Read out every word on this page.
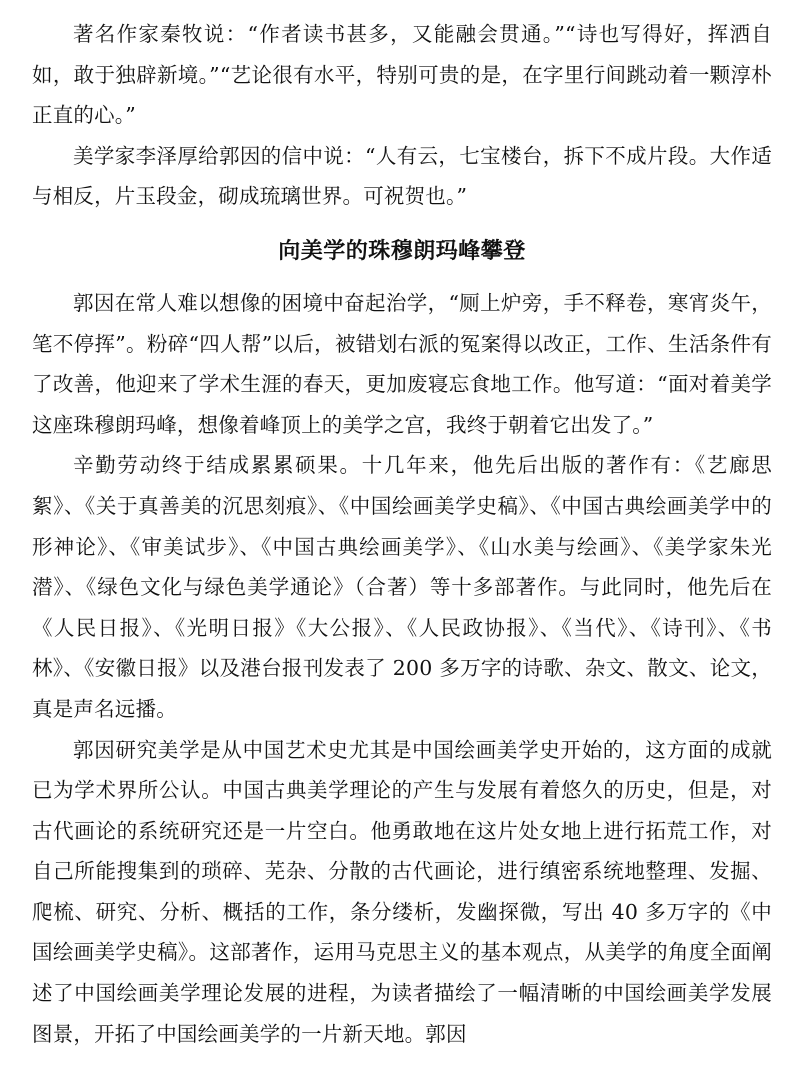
著名作家秦牧说：“作者读书甚多，又能融会贯通。”“诗也写得好，挥洒自如，敢于独辟新境。”“艺论很有水平，特别可贵的是，在字里行间跳动着一颗淳朴正直的心。”

美学家李泽厚给郭因的信中说：“人有云，七宝楼台，拆下不成片段。大作适与相反，片玉段金，砌成琉璃世界。可祝贺也。”

向美学的珠穆朗玛峰攀登

郭因在常人难以想像的困境中奋起治学，“厕上炉旁，手不释卷，寒宵炎午，笔不停挥”。粉碎“四人帮”以后，被错划右派的冤案得以改正，工作、生活条件有了改善，他迎来了学术生涯的春天，更加废寝忘食地工作。他写道：“面对着美学这座珠穆朗玛峰，想像着峰顶上的美学之宫，我终于朝着它出发了。”

辛勤劳动终于结成累累硕果。十几年来，他先后出版的著作有：《艺廊思絮》、《关于真善美的沉思刻痕》、《中国绘画美学史稿》、《中国古典绘画美学中的形神论》、《审美试步》、《中国古典绘画美学》、《山水美与绘画》、《美学家朱光潜》、《绿色文化与绿色美学通论》（合著）等十多部著作。与此同时，他先后在《人民日报》、《光明日报》《大公报》、《人民政协报》、《当代》、《诗刊》、《书林》、《安徽日报》以及港台报刊发表了 200 多万字的诗歌、杂文、散文、论文，真是声名远播。

郭因研究美学是从中国艺术史尤其是中国绘画美学史开始的，这方面的成就已为学术界所公认。中国古典美学理论的产生与发展有着悠久的历史，但是，对古代画论的系统研究还是一片空白。他勇敢地在这片处女地上进行拓荒工作，对自己所能搜集到的琐碎、芜杂、分散的古代画论，进行缜密系统地整理、发掘、爬梳、研究、分析、概括的工作，条分缕析，发幽探微，写出 40 多万字的《中国绘画美学史稿》。这部著作，运用马克思主义的基本观点，从美学的角度全面阐述了中国绘画美学理论发展的进程，为读者描绘了一幅清晰的中国绘画美学发展图景，开拓了中国绘画美学的一片新天地。郭因
